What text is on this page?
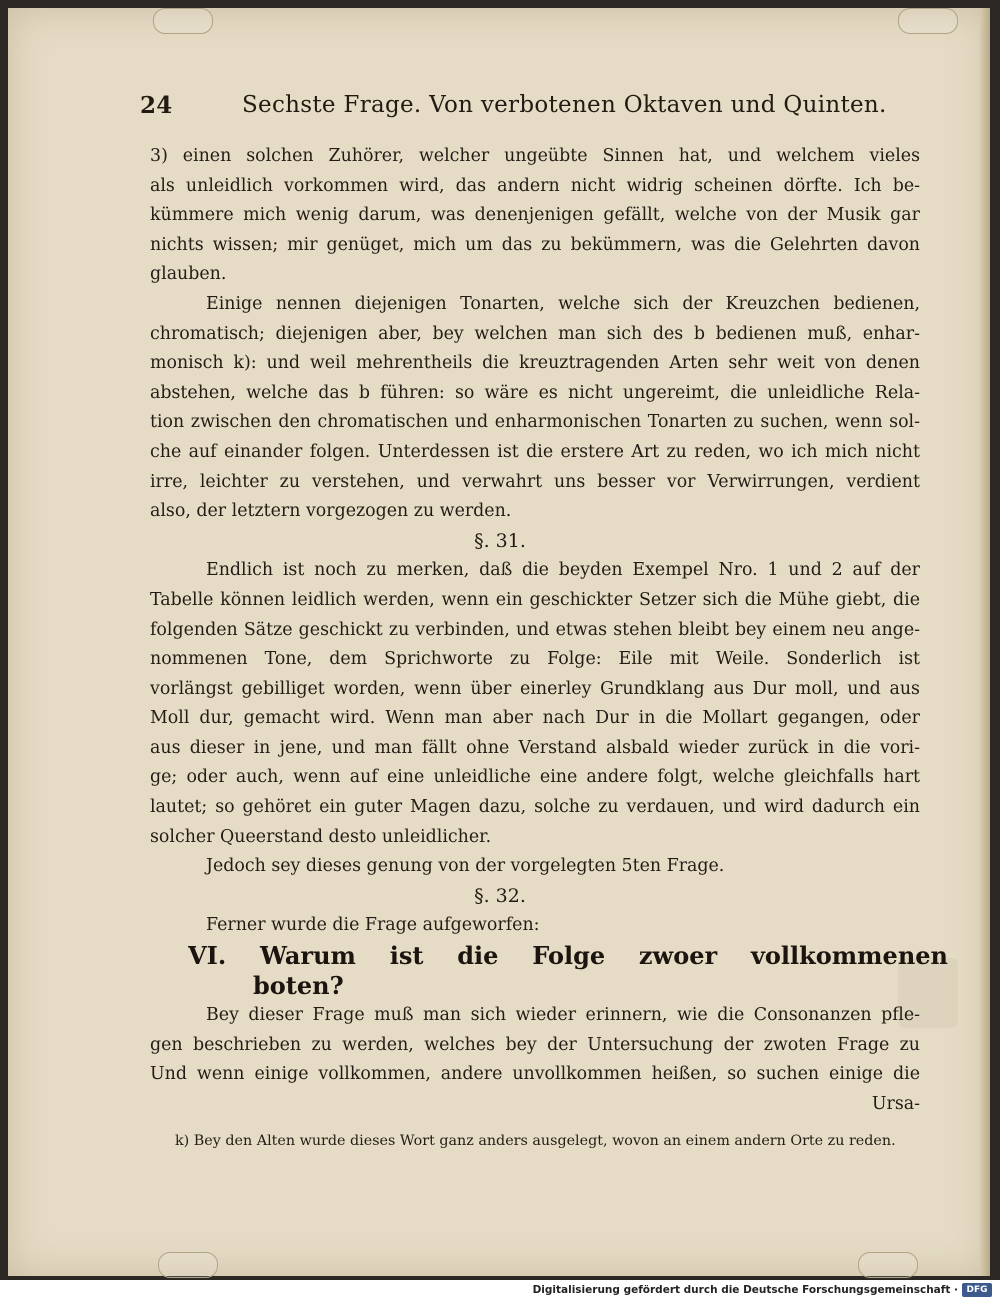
24	Sechste Frage. Von verbotenen Oktaven und Quinten.
3) einen solchen Zuhörer, welcher ungeübte Sinnen hat, und welchem vieles
als unleidlich vorkommen wird, das andern nicht widrig scheinen dörfte. Ich be-
kümmere mich wenig darum, was denenjenigen gefällt, welche von der Musik gar
nichts wissen; mir genüget, mich um das zu bekümmern, was die Gelehrten davon
glauben.
Einige nennen diejenigen Tonarten, welche sich der Kreuzchen bedienen,
chromatisch; diejenigen aber, bey welchen man sich des b bedienen muß, enhar-
monisch k): und weil mehrentheils die kreuztragenden Arten sehr weit von denen
abstehen, welche das b führen: so wäre es nicht ungereimt, die unleidliche Rela-
tion zwischen den chromatischen und enharmonischen Tonarten zu suchen, wenn sol-
che auf einander folgen. Unterdessen ist die erstere Art zu reden, wo ich mich nicht
irre, leichter zu verstehen, und verwahrt uns besser vor Verwirrungen, verdient
also, der letztern vorgezogen zu werden.
§. 31.
Endlich ist noch zu merken, daß die beyden Exempel Nro. 1 und 2 auf der
Tabelle können leidlich werden, wenn ein geschickter Setzer sich die Mühe giebt, die
folgenden Sätze geschickt zu verbinden, und etwas stehen bleibt bey einem neu ange-
nommenen Tone, dem Sprichworte zu Folge: Eile mit Weile. Sonderlich ist
vorlängst gebilliget worden, wenn über einerley Grundklang aus Dur moll, und aus
Moll dur, gemacht wird. Wenn man aber nach Dur in die Mollart gegangen, oder
aus dieser in jene, und man fällt ohne Verstand alsbald wieder zurück in die vori-
ge; oder auch, wenn auf eine unleidliche eine andere folgt, welche gleichfalls hart
lautet; so gehöret ein guter Magen dazu, solche zu verdauen, und wird dadurch ein
solcher Queerstand desto unleidlicher.
Jedoch sey dieses genung von der vorgelegten 5ten Frage.
§. 32.
Ferner wurde die Frage aufgeworfen:
VI. Warum ist die Folge zwoer vollkommenen
boten?
Bey dieser Frage muß man sich wieder erinnern, wie die Consonanzen pfle-
gen beschrieben zu werden, welches bey der Untersuchung der zwoten Frage zu
Und wenn einige vollkommen, andere unvollkommen heißen, so suchen einige die
Ursa-
k) Bey den Alten wurde dieses Wort ganz anders ausgelegt, wovon an einem andern Orte zu reden.
Digitalisierung gefördert durch die Deutsche Forschungsgemeinschaft · DFG
